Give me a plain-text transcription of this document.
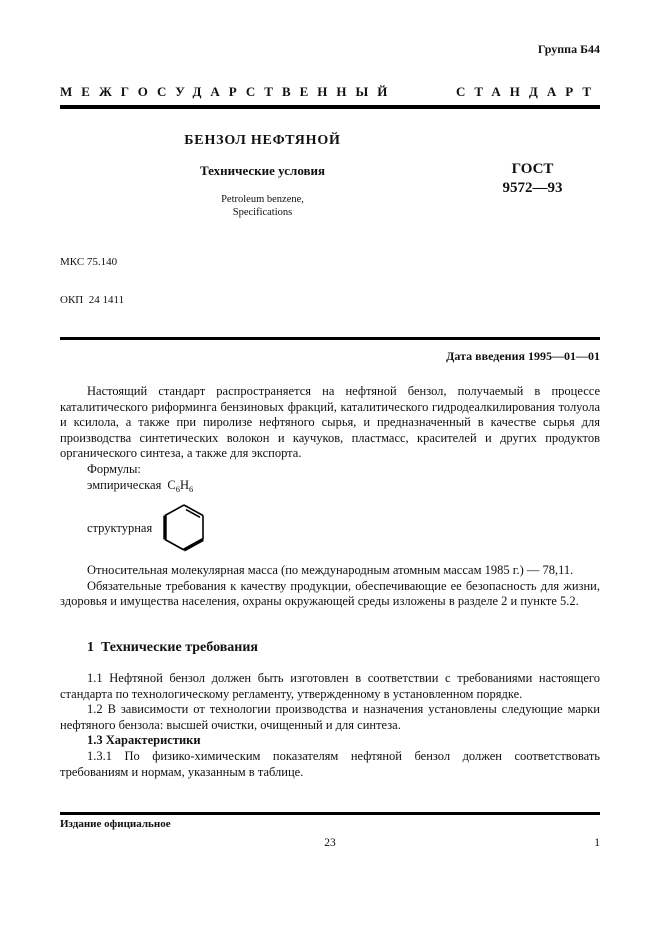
Группа Б44
МЕЖГОСУДАРСТВЕННЫЙ СТАНДАРТ
БЕНЗОЛ НЕФТЯНОЙ
Технические условия
Petroleum benzene,
Specifications
ГОСТ
9572—93

МКС 75.140

ОКП  24 1411

Дата введения 1995—01—01

Настоящий стандарт распространяется на нефтяной бензол, получаемый в процессе каталитического риформинга бензиновых фракций, каталитического гидродеалкилирования толуола и ксилола, а также при пиролизе нефтяного сырья, и предназначенный в качестве сырья для производства синтетических волокон и каучуков, пластмасс, красителей и других продуктов органического синтеза, а также для экспорта.

Формулы:

эмпирическая $C_6H_6$

структурная

Относительная молекулярная масса (по международным атомным массам 1985 г.) — 78,11.

Обязательные требования к качеству продукции, обеспечивающие ее безопасность для жизни, здоровья и имущества населения, охраны окружающей среды изложены в разделе 2 и пункте 5.2.

1  Технические требования

1.1 Нефтяной бензол должен быть изготовлен в соответствии с требованиями настоящего стандарта по технологическому регламенту, утвержденному в установленном порядке.

1.2 В зависимости от технологии производства и назначения установлены следующие марки нефтяного бензола: высшей очистки, очищенный и для синтеза.

1.3 Характеристики

1.3.1 По физико-химическим показателям нефтяной бензол должен соответствовать требованиям и нормам, указанным в таблице.

Издание официальное
23	1
